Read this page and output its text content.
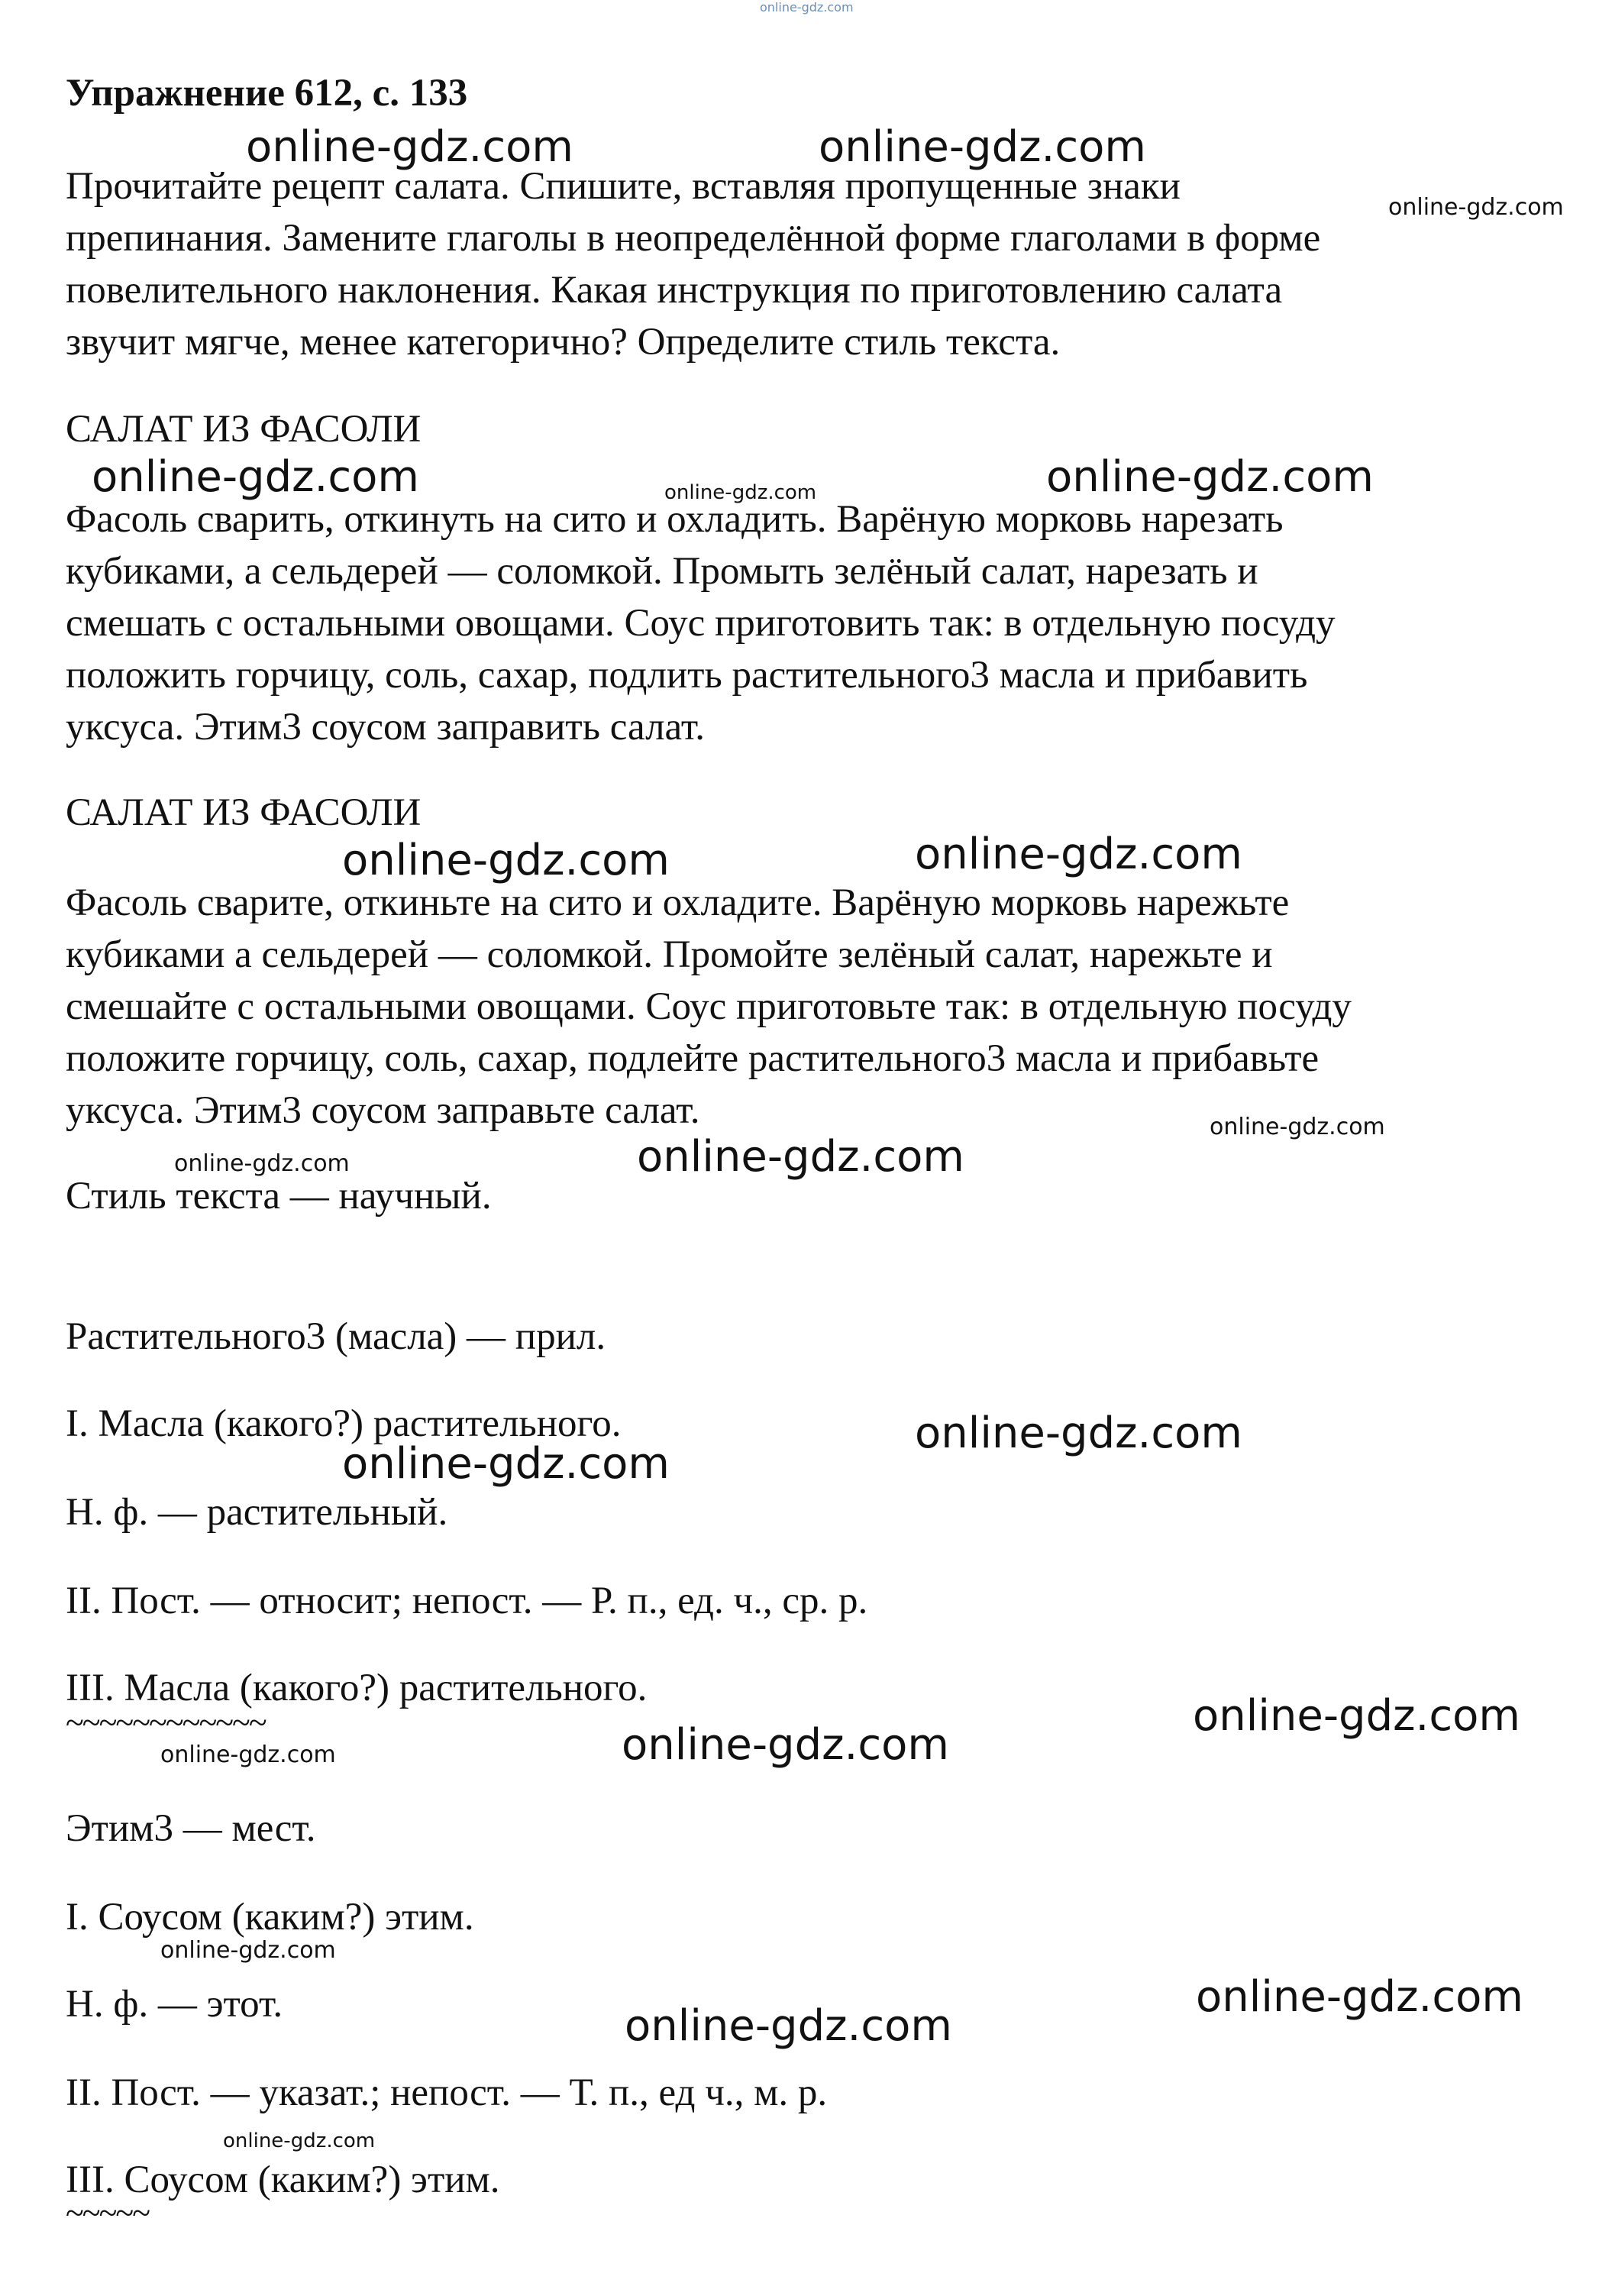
online-gdz.com

Упражнение 612, с. 133

Прочитайте рецепт салата. Спишите, вставляя пропущенные знаки

препинания. Замените глаголы в неопределённой форме глаголами в форме

повелительного наклонения. Какая инструкция по приготовлению салата

звучит мягче, менее категорично? Определите стиль текста.

САЛАТ ИЗ ФАСОЛИ

Фасоль сварить, откинуть на сито и охладить. Варёную морковь нарезать

кубиками, а сельдерей — соломкой. Промыть зелёный салат, нарезать и

смешать с остальными овощами. Соус приготовить так: в отдельную посуду

положить горчицу, соль, сахар, подлить растительного3 масла и прибавить

уксуса. Этим3 соусом заправить салат.

САЛАТ ИЗ ФАСОЛИ

Фасоль сварите, откиньте на сито и охладите. Варёную морковь нарежьте

кубиками а сельдерей — соломкой. Промойте зелёный салат, нарежьте и

смешайте с остальными овощами. Соус приготовьте так: в отдельную посуду

положите горчицу, соль, сахар, подлейте растительного3 масла и прибавьте

уксуса. Этим3 соусом заправьте салат.

Стиль текста — научный.

Растительного3 (масла) — прил.

I. Масла (какого?) растительного.

Н. ф. — растительный.

II. Пост. — относит; непост. — Р. п., ед. ч., ср. р.

III. Масла (какого?) растительного.

~~~~~~~~~~~~

Этим3 — мест.

I. Соусом (каким?) этим.

Н. ф. — этот.

II. Пост. — указат.; непост. — Т. п., ед ч., м. р.

III. Соусом (каким?) этим.

~~~~~

online-gdz.com	online-gdz.com
online-gdz.com
online-gdz.com	online-gdz.com	online-gdz.com
online-gdz.com	online-gdz.com
online-gdz.com
online-gdz.com	online-gdz.com
online-gdz.com
online-gdz.com
online-gdz.com
online-gdz.com	online-gdz.com
online-gdz.com
online-gdz.com
online-gdz.com
online-gdz.com
